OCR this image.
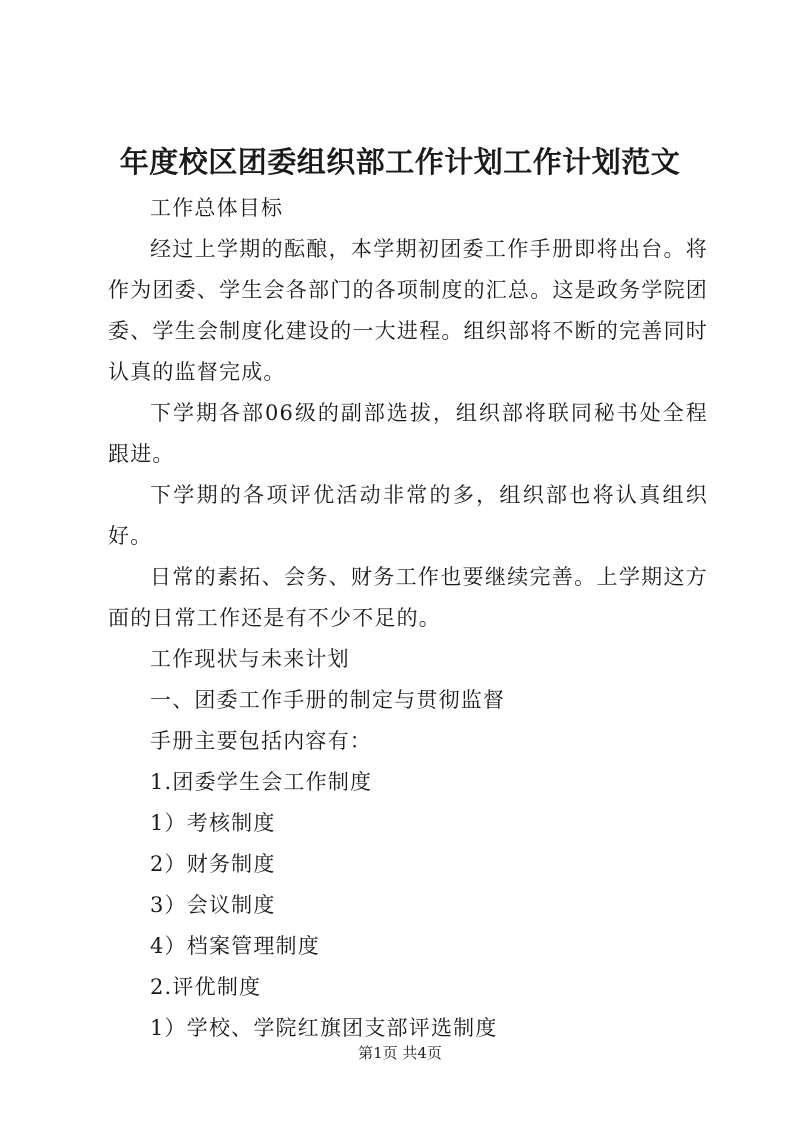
年度校区团委组织部工作计划工作计划范文

工作总体目标

经过上学期的酝酿，本学期初团委工作手册即将出台。将作为团委、学生会各部门的各项制度的汇总。这是政务学院团委、学生会制度化建设的一大进程。组织部将不断的完善同时认真的监督完成。

下学期各部06级的副部选拔，组织部将联同秘书处全程跟进。

下学期的各项评优活动非常的多，组织部也将认真组织好。

日常的素拓、会务、财务工作也要继续完善。上学期这方面的日常工作还是有不少不足的。

工作现状与未来计划

一、团委工作手册的制定与贯彻监督

手册主要包括内容有：

1.团委学生会工作制度

1）考核制度

2）财务制度

3）会议制度

4）档案管理制度

2.评优制度

1）学校、学院红旗团支部评选制度

第1页 共4页
